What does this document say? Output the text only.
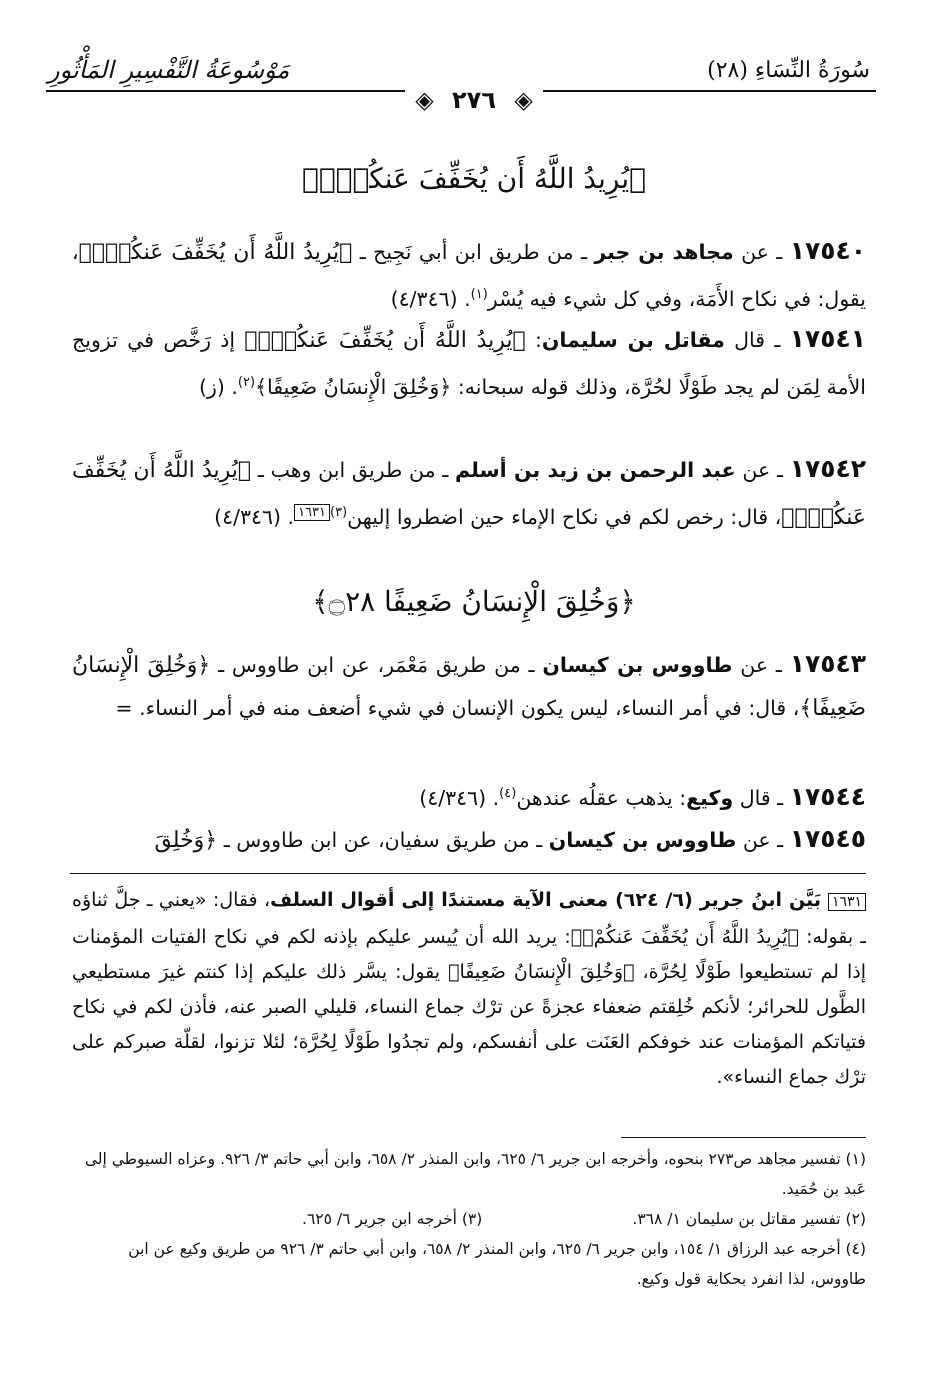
سُورَةُ النِّسَاءِ (٢٨)
مَوْسُوعَةُ التَّفْسِيرِ المَأْثُورِ
◈ ٢٧٦ ◈
﴿يُرِيدُ اللَّهُ أَن يُخَفِّفَ عَنكُمْۚ﴾
١٧٥٤٠ ـ عن مجاهد بن جبر ـ من طريق ابن أبي نَجِيح ـ ﴿يُرِيدُ اللَّهُ أَن يُخَفِّفَ عَنكُمْۚ﴾، يقول: في نكاح الأَمَة، وفي كل شيء فيه يُسْر$^{(١)}$. (٤/٣٤٦)
١٧٥٤١ ـ قال مقاتل بن سليمان: ﴿يُرِيدُ اللَّهُ أَن يُخَفِّفَ عَنكُمْۚ﴾ إذ رَخَّص في تزويج الأمة لِمَن لم يجد طَوْلًا لحُرَّة، وذلك قوله سبحانه: ﴿وَخُلِقَ الْإِنسَانُ ضَعِيفًا﴾$^{(٢)}$. (ز)
١٧٥٤٢ ـ عن عبد الرحمن بن زيد بن أسلم ـ من طريق ابن وهب ـ ﴿يُرِيدُ اللَّهُ أَن يُخَفِّفَ عَنكُمْۚ﴾، قال: رخص لكم في نكاح الإماء حين اضطروا إليهن$^{(٣)١٦٣١}$. (٤/٣٤٦)
﴿وَخُلِقَ الْإِنسَانُ ضَعِيفًا ۝٢٨﴾
١٧٥٤٣ ـ عن طاووس بن كيسان ـ من طريق مَعْمَر، عن ابن طاووس ـ ﴿وَخُلِقَ الْإِنسَانُ ضَعِيفًا﴾، قال: في أمر النساء، ليس يكون الإنسان في شيء أضعف منه في أمر النساء. =
١٧٥٤٤ ـ قال وكيع: يذهب عقلُه عندهن$^{(٤)}$. (٤/٣٤٦)
١٧٥٤٥ ـ عن طاووس بن كيسان ـ من طريق سفيان، عن ابن طاووس ـ ﴿وَخُلِقَ
١٦٣١ بَيَّن ابنُ جرير (٦/ ٦٢٤) معنى الآية مستندًا إلى أقوال السلف، فقال: «يعني ـ جلَّ ثناؤه ـ بقوله: ﴿يُرِيدُ اللَّهُ أَن يُخَفِّفَ عَنكُمْۚ﴾: يريد الله أن يُيسر عليكم بإذنه لكم في نكاح الفتيات المؤمنات إذا لم تستطيعوا طَوْلًا لِحُرَّة، ﴿وَخُلِقَ الْإِنسَانُ ضَعِيفًا﴾ يقول: يسَّر ذلك عليكم إذا كنتم غيرَ مستطيعي الطَّول للحرائر؛ لأنكم خُلِقتم ضعفاء عجزةً عن ترْك جماع النساء، قليلي الصبر عنه، فأذن لكم في نكاح فتياتكم المؤمنات عند خوفكم العَنَت على أنفسكم، ولم تجدُوا طَوْلًا لِحُرَّة؛ لئلا تزنوا، لقلّة صبركم على ترْك جماع النساء».
(١) تفسير مجاهد ص٢٧٣ بنحوه، وأخرجه ابن جرير ٦/ ٦٢٥، وابن المنذر ٢/ ٦٥٨، وابن أبي حاتم ٣/ ٩٢٦. وعزاه السيوطي إلى عَبد بن حُمَيد.
(٢) تفسير مقاتل بن سليمان ١/ ٣٦٨.
(٣) أخرجه ابن جرير ٦/ ٦٢٥.
(٤) أخرجه عبد الرزاق ١/ ١٥٤، وابن جرير ٦/ ٦٢٥، وابن المنذر ٢/ ٦٥٨، وابن أبي حاتم ٣/ ٩٢٦ من طريق وكيع عن ابن طاووس، لذا انفرد بحكاية قول وكيع.
